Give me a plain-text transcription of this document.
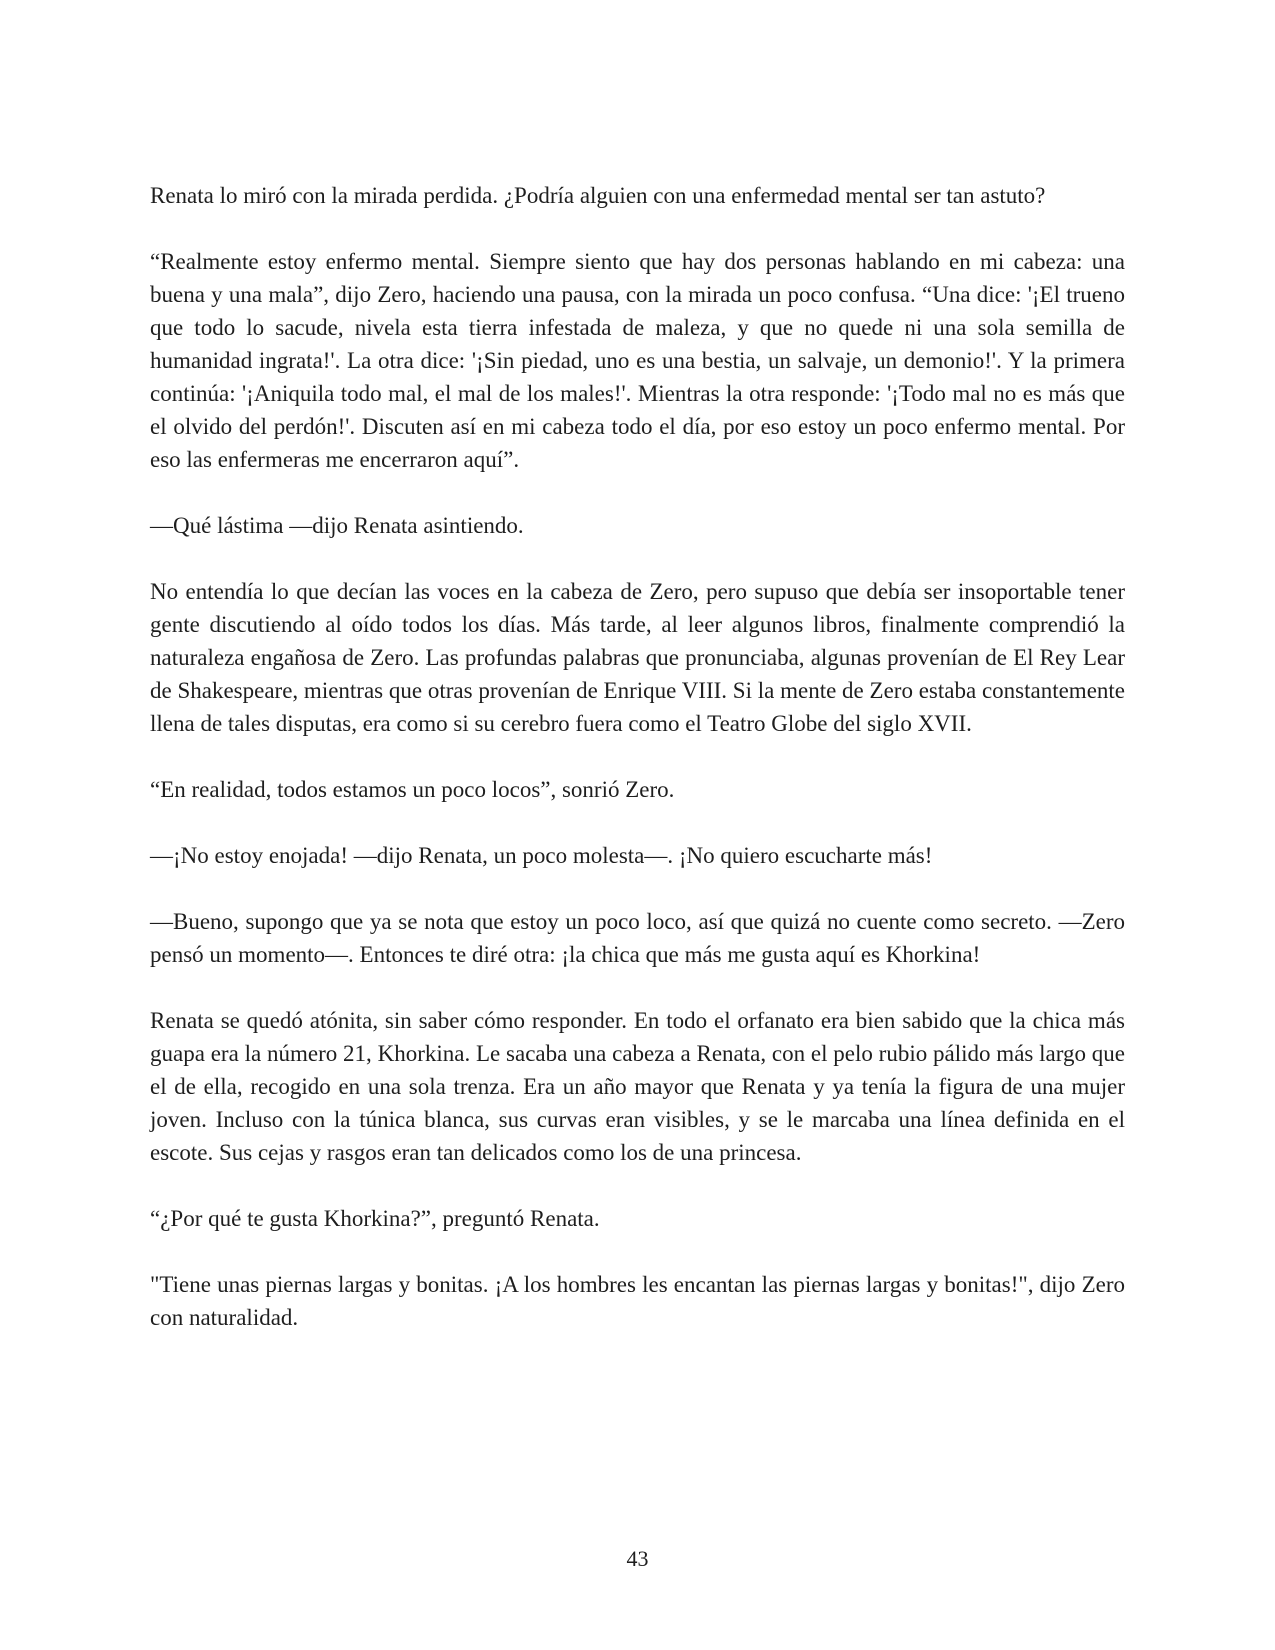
Renata lo miró con la mirada perdida. ¿Podría alguien con una enfermedad mental ser tan astuto?

“Realmente estoy enfermo mental. Siempre siento que hay dos personas hablando en mi cabeza: una buena y una mala”, dijo Zero, haciendo una pausa, con la mirada un poco confusa. “Una dice: '¡El trueno que todo lo sacude, nivela esta tierra infestada de maleza, y que no quede ni una sola semilla de humanidad ingrata!'. La otra dice: '¡Sin piedad, uno es una bestia, un salvaje, un demonio!'. Y la primera continúa: '¡Aniquila todo mal, el mal de los males!'. Mientras la otra responde: '¡Todo mal no es más que el olvido del perdón!'. Discuten así en mi cabeza todo el día, por eso estoy un poco enfermo mental. Por eso las enfermeras me encerraron aquí”.

—Qué lástima —dijo Renata asintiendo.

No entendía lo que decían las voces en la cabeza de Zero, pero supuso que debía ser insoportable tener gente discutiendo al oído todos los días. Más tarde, al leer algunos libros, finalmente comprendió la naturaleza engañosa de Zero. Las profundas palabras que pronunciaba, algunas provenían de El Rey Lear de Shakespeare, mientras que otras provenían de Enrique VIII. Si la mente de Zero estaba constantemente llena de tales disputas, era como si su cerebro fuera como el Teatro Globe del siglo XVII.

“En realidad, todos estamos un poco locos”, sonrió Zero.

—¡No estoy enojada! —dijo Renata, un poco molesta—. ¡No quiero escucharte más!

—Bueno, supongo que ya se nota que estoy un poco loco, así que quizá no cuente como secreto. —Zero pensó un momento—. Entonces te diré otra: ¡la chica que más me gusta aquí es Khorkina!

Renata se quedó atónita, sin saber cómo responder. En todo el orfanato era bien sabido que la chica más guapa era la número 21, Khorkina. Le sacaba una cabeza a Renata, con el pelo rubio pálido más largo que el de ella, recogido en una sola trenza. Era un año mayor que Renata y ya tenía la figura de una mujer joven. Incluso con la túnica blanca, sus curvas eran visibles, y se le marcaba una línea definida en el escote. Sus cejas y rasgos eran tan delicados como los de una princesa.

“¿Por qué te gusta Khorkina?”, preguntó Renata.

"Tiene unas piernas largas y bonitas. ¡A los hombres les encantan las piernas largas y bonitas!", dijo Zero con naturalidad.

43
